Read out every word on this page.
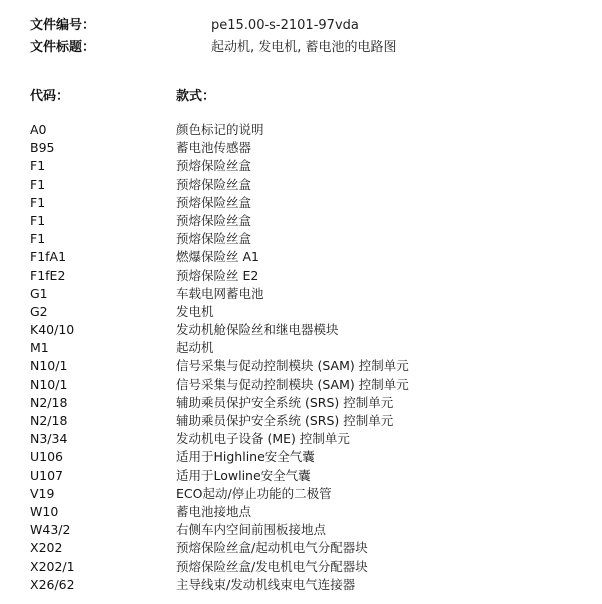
文件编号：	pe15.00-s-2101-97vda
文件标题：	起动机, 发电机, 蓄电池的电路图
代码：	款式：
A0	颜色标记的说明
B95	蓄电池传感器
F1	预熔保险丝盒
F1	预熔保险丝盒
F1	预熔保险丝盒
F1	预熔保险丝盒
F1	预熔保险丝盒
F1fA1	燃爆保险丝 A1
F1fE2	预熔保险丝 E2
G1	车载电网蓄电池
G2	发电机
K40/10	发动机舱保险丝和继电器模块
M1	起动机
N10/1	信号采集与促动控制模块 (SAM) 控制单元
N10/1	信号采集与促动控制模块 (SAM) 控制单元
N2/18	辅助乘员保护安全系统 (SRS) 控制单元
N2/18	辅助乘员保护安全系统 (SRS) 控制单元
N3/34	发动机电子设备 (ME) 控制单元
U106	适用于Highline安全气囊
U107	适用于Lowline安全气囊
V19	ECO起动/停止功能的二极管
W10	蓄电池接地点
W43/2	右侧车内空间前围板接地点
X202	预熔保险丝盒/起动机电气分配器块
X202/1	预熔保险丝盒/发电机电气分配器块
X26/62	主导线束/发动机线束电气连接器
